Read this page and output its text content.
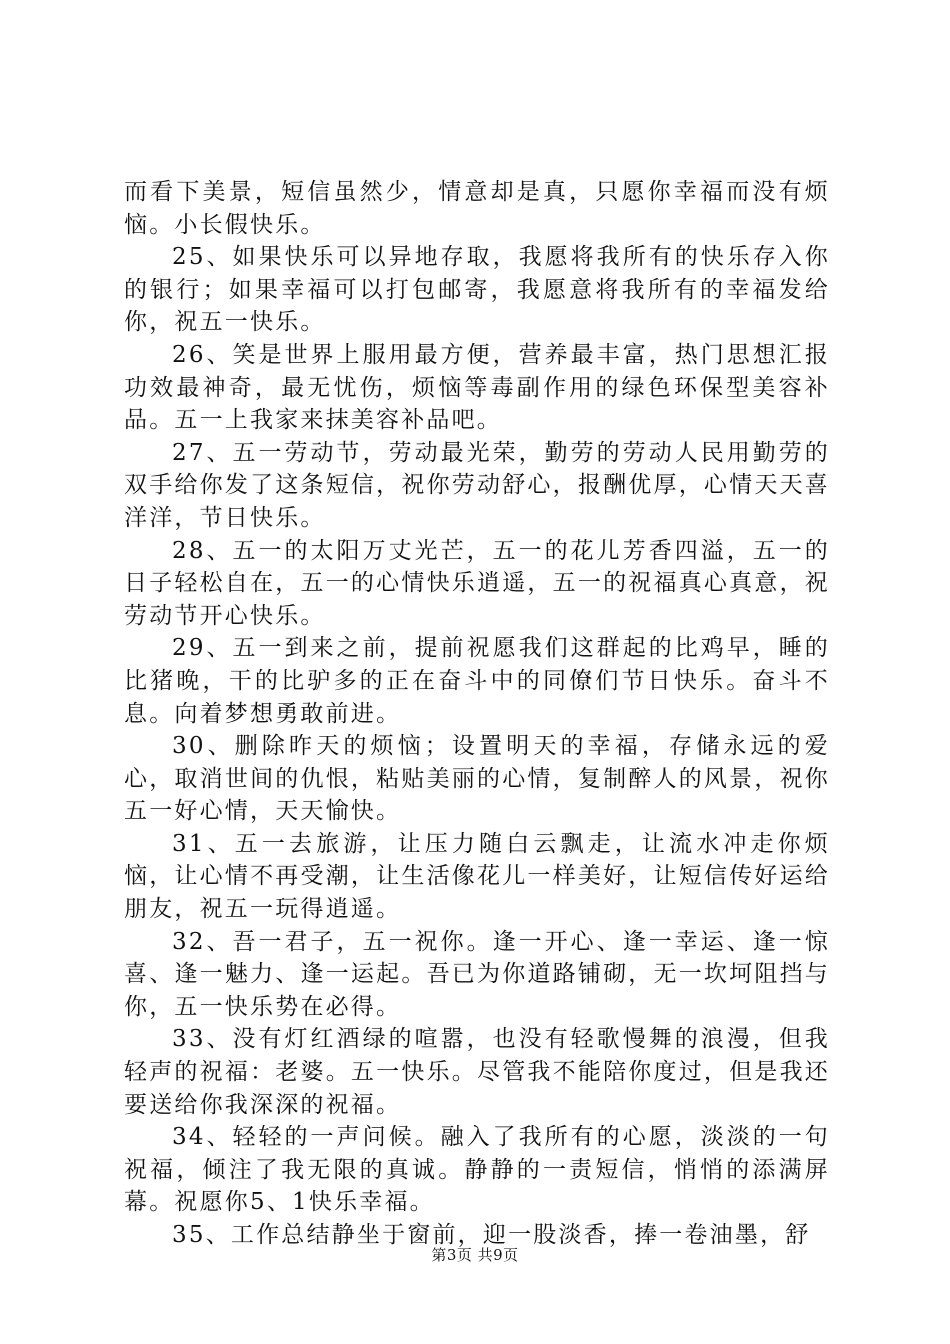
而看下美景，短信虽然少，情意却是真，只愿你幸福而没有烦恼。小长假快乐。

25、如果快乐可以异地存取，我愿将我所有的快乐存入你的银行；如果幸福可以打包邮寄，我愿意将我所有的幸福发给你，祝五一快乐。

26、笑是世界上服用最方便，营养最丰富，热门思想汇报功效最神奇，最无忧伤，烦恼等毒副作用的绿色环保型美容补品。五一上我家来抹美容补品吧。

27、五一劳动节，劳动最光荣，勤劳的劳动人民用勤劳的双手给你发了这条短信，祝你劳动舒心，报酬优厚，心情天天喜洋洋，节日快乐。

28、五一的太阳万丈光芒，五一的花儿芳香四溢，五一的日子轻松自在，五一的心情快乐逍遥，五一的祝福真心真意，祝劳动节开心快乐。

29、五一到来之前，提前祝愿我们这群起的比鸡早，睡的比猪晚，干的比驴多的正在奋斗中的同僚们节日快乐。奋斗不息。向着梦想勇敢前进。

30、删除昨天的烦恼；设置明天的幸福，存储永远的爱心，取消世间的仇恨，粘贴美丽的心情，复制醉人的风景，祝你五一好心情，天天愉快。

31、五一去旅游，让压力随白云飘走，让流水冲走你烦恼，让心情不再受潮，让生活像花儿一样美好，让短信传好运给朋友，祝五一玩得逍遥。

32、吾一君子，五一祝你。逢一开心、逢一幸运、逢一惊喜、逢一魅力、逢一运起。吾已为你道路铺砌，无一坎坷阻挡与你，五一快乐势在必得。

33、没有灯红酒绿的喧嚣，也没有轻歌慢舞的浪漫，但我轻声的祝福：老婆。五一快乐。尽管我不能陪你度过，但是我还要送给你我深深的祝福。

34、轻轻的一声问候。融入了我所有的心愿，淡淡的一句祝福，倾注了我无限的真诚。静静的一责短信，悄悄的添满屏幕。祝愿你5、1快乐幸福。

35、工作总结静坐于窗前，迎一股淡香，捧一卷油墨，舒

第3页 共9页
